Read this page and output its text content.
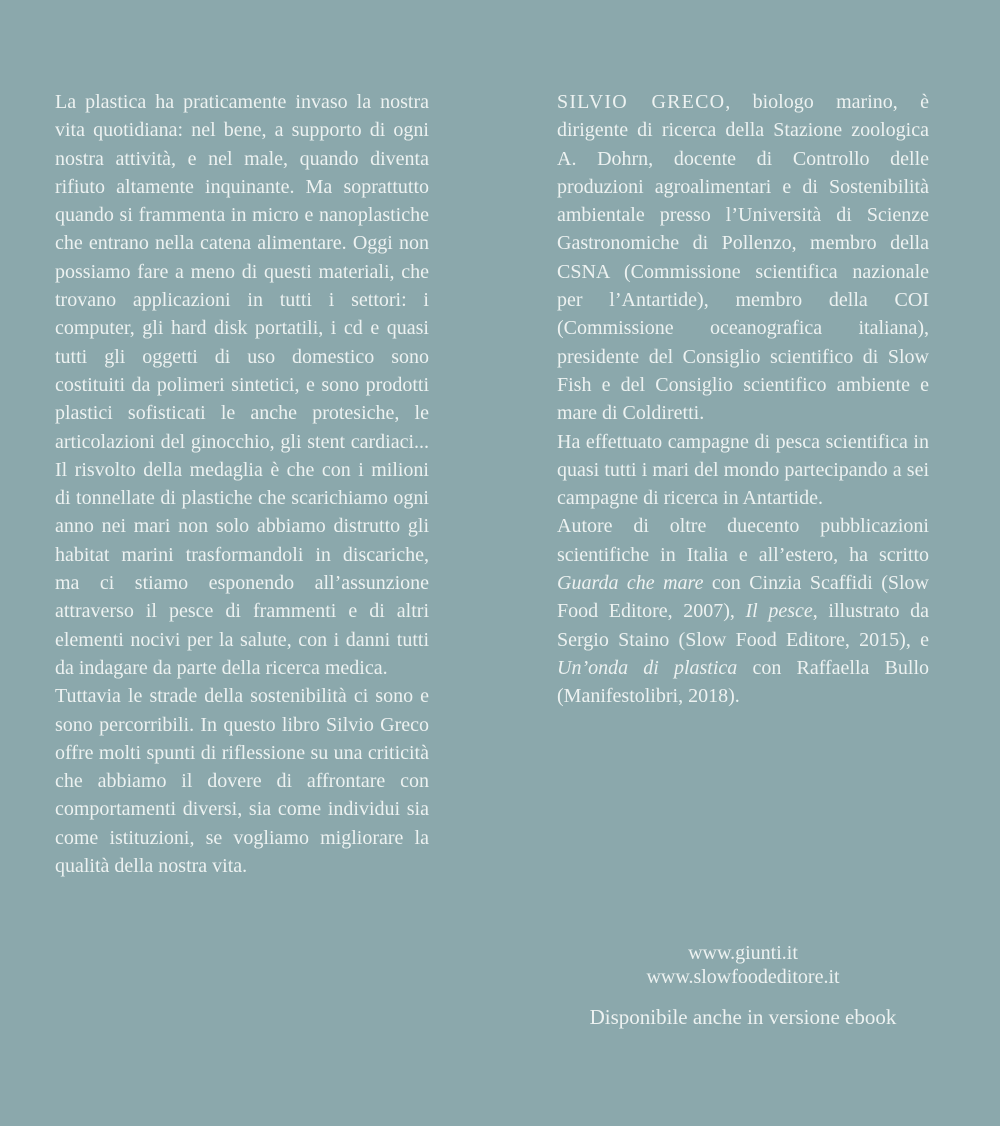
La plastica ha praticamente invaso la nostra vita quotidiana: nel bene, a supporto di ogni nostra attività, e nel male, quando diventa rifiuto altamente inquinante. Ma soprattutto quando si frammenta in micro e nanoplastiche che entrano nella catena alimentare. Oggi non possiamo fare a meno di questi materiali, che trovano applicazioni in tutti i settori: i computer, gli hard disk portatili, i cd e quasi tutti gli oggetti di uso domestico sono costituiti da polimeri sintetici, e sono prodotti plastici sofisticati le anche protesiche, le articolazioni del ginocchio, gli stent cardiaci... Il risvolto della medaglia è che con i milioni di tonnellate di plastiche che scarichiamo ogni anno nei mari non solo abbiamo distrutto gli habitat marini trasformandoli in discariche, ma ci stiamo esponendo all’assunzione attraverso il pesce di frammenti e di altri elementi nocivi per la salute, con i danni tutti da indagare da parte della ricerca medica.

Tuttavia le strade della sostenibilità ci sono e sono percorribili. In questo libro Silvio Greco offre molti spunti di riflessione su una criticità che abbiamo il dovere di affrontare con comportamenti diversi, sia come individui sia come istituzioni, se vogliamo migliorare la qualità della nostra vita.

SILVIO GRECO, biologo marino, è dirigente di ricerca della Stazione zoologica A. Dohrn, docente di Controllo delle produzioni agroalimentari e di Sostenibilità ambientale presso l’Università di Scienze Gastronomiche di Pollenzo, membro della CSNA (Commissione scientifica nazionale per l’Antartide), membro della COI (Commissione oceanografica italiana), presidente del Consiglio scientifico di Slow Fish e del Consiglio scientifico ambiente e mare di Coldiretti.

Ha effettuato campagne di pesca scientifica in quasi tutti i mari del mondo partecipando a sei campagne di ricerca in Antartide.

Autore di oltre duecento pubblicazioni scientifiche in Italia e all’estero, ha scritto Guarda che mare con Cinzia Scaffidi (Slow Food Editore, 2007), Il pesce, illustrato da Sergio Staino (Slow Food Editore, 2015), e Un’onda di plastica con Raffaella Bullo (Manifestolibri, 2018).

www.giunti.it
www.slowfoodeditore.it
Disponibile anche in versione ebook
